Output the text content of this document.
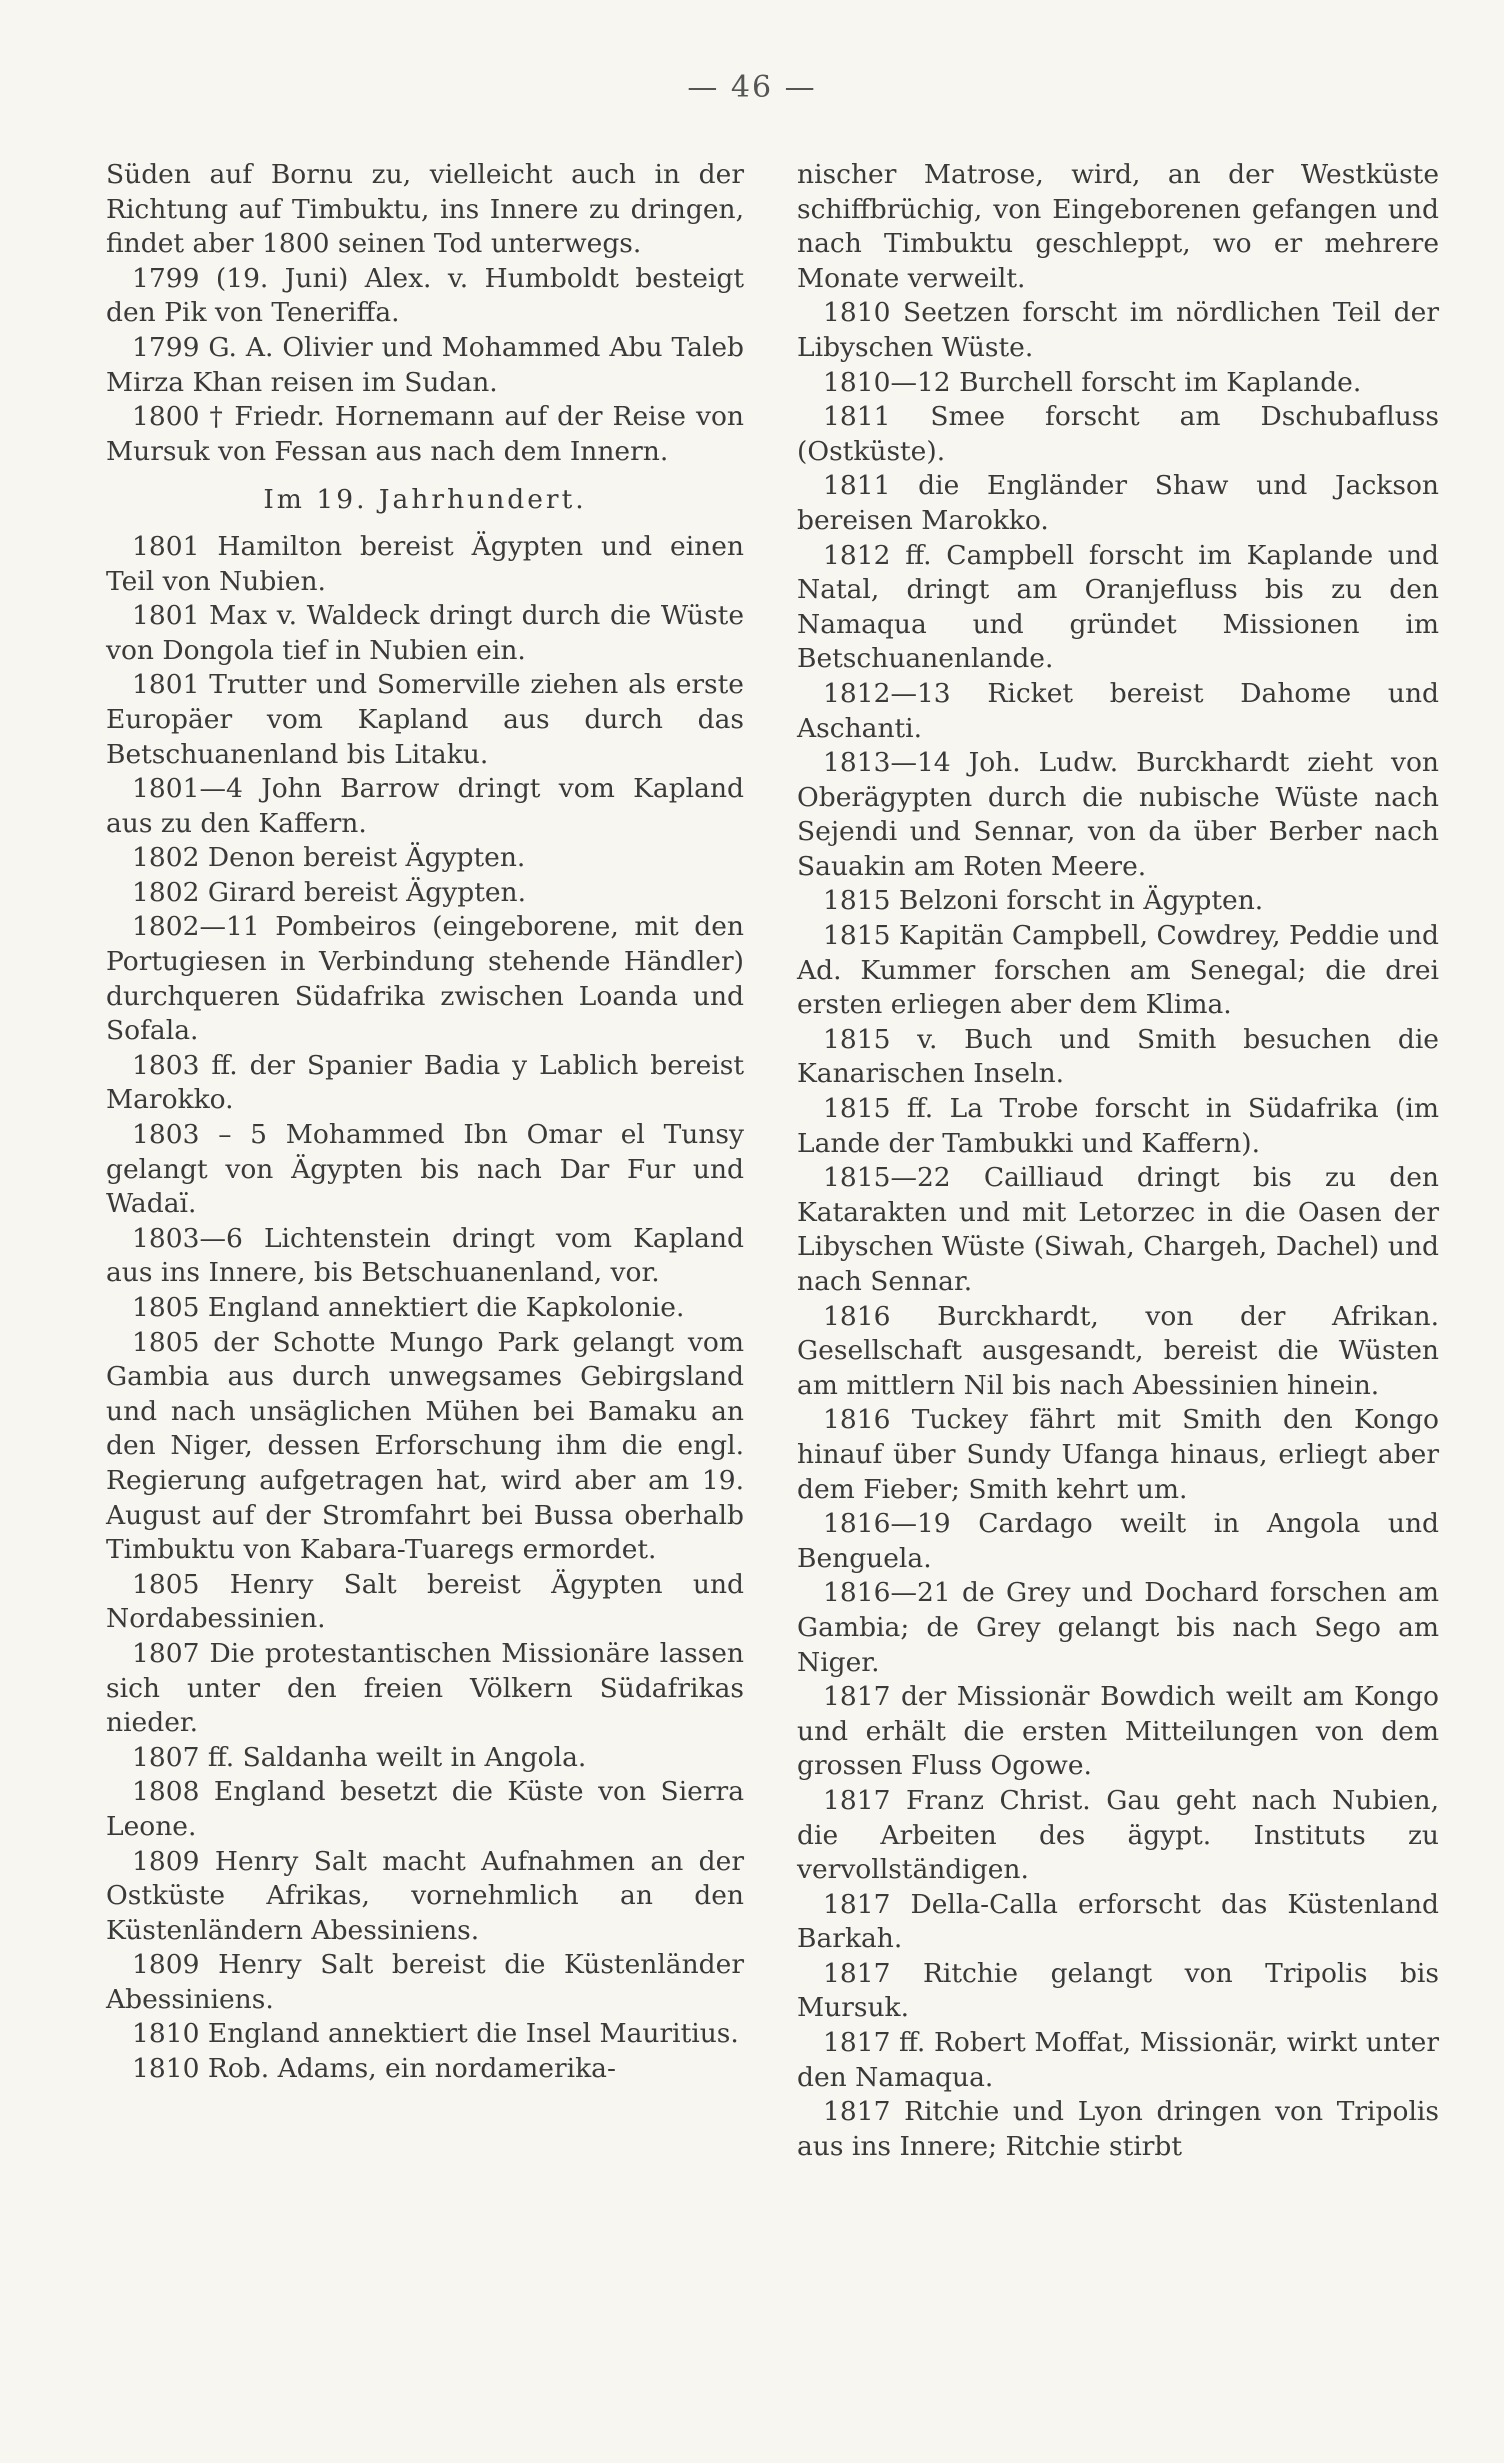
— 46 —

Süden auf Bornu zu, vielleicht auch in der Richtung auf Timbuktu, ins Innere zu dringen, findet aber 1800 seinen Tod unterwegs.

1799 (19. Juni) Alex. v. Humboldt besteigt den Pik von Teneriffa.

1799 G. A. Olivier und Mohammed Abu Taleb Mirza Khan reisen im Sudan.

1800 † Friedr. Hornemann auf der Reise von Mursuk von Fessan aus nach dem Innern.

Im 19. Jahrhundert.

1801 Hamilton bereist Ägypten und einen Teil von Nubien.

1801 Max v. Waldeck dringt durch die Wüste von Dongola tief in Nubien ein.

1801 Trutter und Somerville ziehen als erste Europäer vom Kapland aus durch das Betschuanenland bis Litaku.

1801—4 John Barrow dringt vom Kapland aus zu den Kaffern.

1802 Denon bereist Ägypten.

1802 Girard bereist Ägypten.

1802—11 Pombeiros (eingeborene, mit den Portugiesen in Verbindung stehende Händler) durchqueren Südafrika zwischen Loanda und Sofala.

1803 ff. der Spanier Badia y Lablich bereist Marokko.

1803 – 5 Mohammed Ibn Omar el Tunsy gelangt von Ägypten bis nach Dar Fur und Wadaï.

1803—6 Lichtenstein dringt vom Kapland aus ins Innere, bis Betschuanenland, vor.

1805 England annektiert die Kapkolonie.

1805 der Schotte Mungo Park gelangt vom Gambia aus durch unwegsames Gebirgsland und nach unsäglichen Mühen bei Bamaku an den Niger, dessen Erforschung ihm die engl. Regierung aufgetragen hat, wird aber am 19. August auf der Stromfahrt bei Bussa oberhalb Timbuktu von Kabara-Tuaregs ermordet.

1805 Henry Salt bereist Ägypten und Nordabessinien.

1807 Die protestantischen Missionäre lassen sich unter den freien Völkern Südafrikas nieder.

1807 ff. Saldanha weilt in Angola.

1808 England besetzt die Küste von Sierra Leone.

1809 Henry Salt macht Aufnahmen an der Ostküste Afrikas, vornehmlich an den Küstenländern Abessiniens.

1809 Henry Salt bereist die Küstenländer Abessiniens.

1810 England annektiert die Insel Mauritius.

1810 Rob. Adams, ein nordamerika-

nischer Matrose, wird, an der Westküste schiffbrüchig, von Eingeborenen gefangen und nach Timbuktu geschleppt, wo er mehrere Monate verweilt.

1810 Seetzen forscht im nördlichen Teil der Libyschen Wüste.

1810—12 Burchell forscht im Kaplande.

1811 Smee forscht am Dschubafluss (Ostküste).

1811 die Engländer Shaw und Jackson bereisen Marokko.

1812 ff. Campbell forscht im Kaplande und Natal, dringt am Oranjefluss bis zu den Namaqua und gründet Missionen im Betschuanenlande.

1812—13 Ricket bereist Dahome und Aschanti.

1813—14 Joh. Ludw. Burckhardt zieht von Oberägypten durch die nubische Wüste nach Sejendi und Sennar, von da über Berber nach Sauakin am Roten Meere.

1815 Belzoni forscht in Ägypten.

1815 Kapitän Campbell, Cowdrey, Peddie und Ad. Kummer forschen am Senegal; die drei ersten erliegen aber dem Klima.

1815 v. Buch und Smith besuchen die Kanarischen Inseln.

1815 ff. La Trobe forscht in Südafrika (im Lande der Tambukki und Kaffern).

1815—22 Cailliaud dringt bis zu den Katarakten und mit Letorzec in die Oasen der Libyschen Wüste (Siwah, Chargeh, Dachel) und nach Sennar.

1816 Burckhardt, von der Afrikan. Gesellschaft ausgesandt, bereist die Wüsten am mittlern Nil bis nach Abessinien hinein.

1816 Tuckey fährt mit Smith den Kongo hinauf über Sundy Ufanga hinaus, erliegt aber dem Fieber; Smith kehrt um.

1816—19 Cardago weilt in Angola und Benguela.

1816—21 de Grey und Dochard forschen am Gambia; de Grey gelangt bis nach Sego am Niger.

1817 der Missionär Bowdich weilt am Kongo und erhält die ersten Mitteilungen von dem grossen Fluss Ogowe.

1817 Franz Christ. Gau geht nach Nubien, die Arbeiten des ägypt. Instituts zu vervollständigen.

1817 Della-Calla erforscht das Küstenland Barkah.

1817 Ritchie gelangt von Tripolis bis Mursuk.

1817 ff. Robert Moffat, Missionär, wirkt unter den Namaqua.

1817 Ritchie und Lyon dringen von Tripolis aus ins Innere; Ritchie stirbt
